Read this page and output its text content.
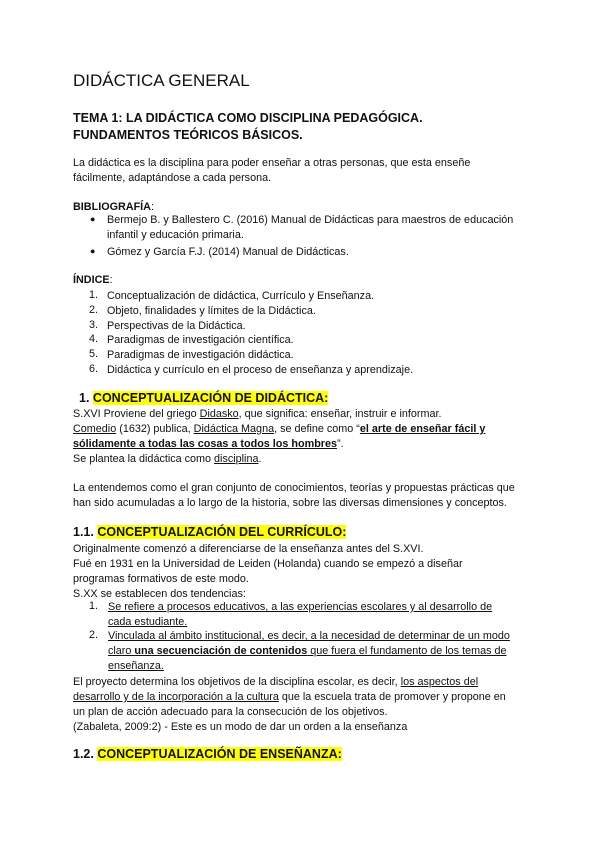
DIDÁCTICA GENERAL
TEMA 1: LA DIDÁCTICA COMO DISCIPLINA PEDAGÓGICA.
FUNDAMENTOS TEÓRICOS BÁSICOS.
La didáctica es la disciplina para poder enseñar a otras personas, que esta enseñe
fácilmente, adaptándose a cada persona.
BIBLIOGRAFÍA:
● Bermejo B. y Ballestero C. (2016) Manual de Didácticas para maestros de educación
infantil y educación primaria.
● Gómez y García F.J. (2014) Manual de Didácticas.
ÍNDICE:
1. Conceptualización de didáctica, Currículo y Enseñanza.
2. Objeto, finalidades y límites de la Didáctica.
3. Perspectivas de la Didáctica.
4. Paradigmas de investigación científica.
5. Paradigmas de investigación didáctica.
6. Didáctica y currículo en el proceso de enseñanza y aprendizaje.
1. CONCEPTUALIZACIÓN DE DIDÁCTICA:
S.XVI Proviene del griego Didasko, que significa: enseñar, instruir e informar.
Comedio (1632) publica, Didáctica Magna, se define como “el arte de enseñar fácil y
sólidamente a todas las cosas a todos los hombres”.
Se plantea la didáctica como disciplina.
La entendemos como el gran conjunto de conocimientos, teorías y propuestas prácticas que
han sido acumuladas a lo largo de la historia, sobre las diversas dimensiones y conceptos.
1.1. CONCEPTUALIZACIÓN DEL CURRÍCULO:
Originalmente comenzó a diferenciarse de la enseñanza antes del S.XVI.
Fué en 1931 en la Universidad de Leiden (Holanda) cuando se empezó a diseñar
programas formativos de este modo.
S.XX se establecen dos tendencias:
1. Se refiere a procesos educativos, a las experiencias escolares y al desarrollo de
cada estudiante.
2. Vinculada al ámbito institucional, es decir, a la necesidad de determinar de un modo
claro una secuenciación de contenidos que fuera el fundamento de los temas de
enseñanza.
El proyecto determina los objetivos de la disciplina escolar, es decir, los aspectos del
desarrollo y de la incorporación a la cultura que la escuela trata de promover y propone en
un plan de acción adecuado para la consecución de los objetivos.
(Zabaleta, 2009:2) - Este es un modo de dar un orden a la enseñanza
1.2. CONCEPTUALIZACIÓN DE ENSEÑANZA:
